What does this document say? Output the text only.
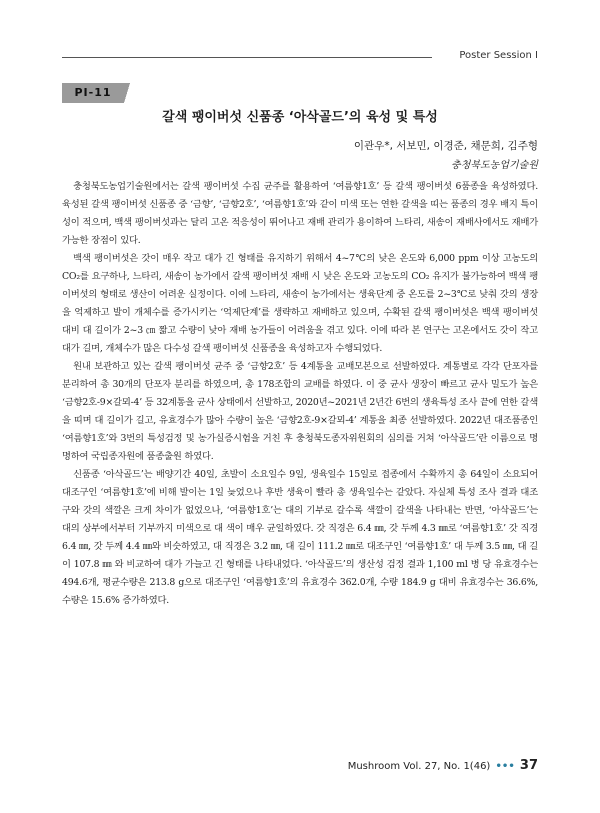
Poster Session Ⅰ
PⅠ-11
갈색 팽이버섯 신품종 ‘아삭골드’의 육성 및 특성
이관우*, 서보민, 이경준, 채문희, 김주형
충청북도농업기술원

충청북도농업기술원에서는 갈색 팽이버섯 수집 균주를 활용하여 ‘여름향1호’ 등 갈색 팽이버섯 6품종을 육성하였다. 육성된 갈색 팽이버섯 신품종 중 ‘금향’, ‘금향2호’, ‘여름향1호’와 같이 미색 또는 연한 갈색을 띠는 품종의 경우 배지 특이성이 적으며, 백색 팽이버섯과는 달리 고온 적응성이 뛰어나고 재배 관리가 용이하여 느타리, 새송이 재배사에서도 재배가 가능한 장점이 있다.

백색 팽이버섯은 갓이 매우 작고 대가 긴 형태를 유지하기 위해서 4~7℃의 낮은 온도와 6,000 ppm 이상 고농도의 CO₂를 요구하나, 느타리, 새송이 농가에서 갈색 팽이버섯 재배 시 낮은 온도와 고농도의 CO₂ 유지가 불가능하여 백색 팽이버섯의 형태로 생산이 어려운 실정이다. 이에 느타리, 새송이 농가에서는 생육단계 중 온도를 2~3℃로 낮춰 갓의 생장을 억제하고 발이 개체수를 증가시키는 ‘억제단계’를 생략하고 재배하고 있으며, 수확된 갈색 팽이버섯은 백색 팽이버섯 대비 대 길이가 2~3 ㎝ 짧고 수량이 낮아 재배 농가들이 어려움을 겪고 있다. 이에 따라 본 연구는 고온에서도 갓이 작고 대가 길며, 개체수가 많은 다수성 갈색 팽이버섯 신품종을 육성하고자 수행되었다.

원내 보관하고 있는 갈색 팽이버섯 균주 중 ‘금향2호’ 등 4계통을 교배모본으로 선발하였다. 계통별로 각각 단포자를 분리하여 총 30개의 단포자 분리를 하였으며, 총 178조합의 교배를 하였다. 이 중 균사 생장이 빠르고 균사 밀도가 높은 ‘금향2호-9×갈뫼-4’ 등 32계통을 균사 상태에서 선발하고, 2020년~2021년 2년간 6번의 생육특성 조사 끝에 연한 갈색을 띠며 대 길이가 길고, 유효경수가 많아 수량이 높은 ‘금향2호-9×갈뫼-4’ 계통을 최종 선발하였다. 2022년 대조품종인 ‘여름향1호’와 3번의 특성검정 및 농가실증시험을 거친 후 충청북도종자위원회의 심의를 거쳐 ‘아삭골드’란 이름으로 명명하여 국립종자원에 품종출원 하였다.

신품종 ‘아삭골드’는 배양기간 40일, 초발이 소요일수 9일, 생육일수 15일로 접종에서 수확까지 총 64일이 소요되어 대조구인 ‘여름향1호’에 비해 발이는 1일 늦었으나 후반 생육이 빨라 총 생육일수는 같았다. 자실체 특성 조사 결과 대조구와 갓의 색깔은 크게 차이가 없었으나, ‘여름향1호’는 대의 기부로 갈수록 색깔이 갈색을 나타내는 반면, ‘아삭골드’는 대의 상부에서부터 기부까지 미색으로 대 색이 매우 균일하였다. 갓 직경은 6.4 ㎜, 갓 두께 4.3 ㎜로 ‘여름향1호’ 갓 직경 6.4 ㎜, 갓 두께 4.4 ㎜와 비슷하였고, 대 직경은 3.2 ㎜, 대 길이 111.2 ㎜로 대조구인 ‘여름향1호’ 대 두께 3.5 ㎜, 대 길이 107.8 ㎜ 와 비교하여 대가 가늘고 긴 형태를 나타내었다. ‘아삭골드’의 생산성 검정 결과 1,100 ml 병 당 유효경수는 494.6개, 평균수량은 213.8 g으로 대조구인 ‘여름향1호’의 유효경수 362.0개, 수량 184.9 g 대비 유효경수는 36.6%, 수량은 15.6% 증가하였다.

Mushroom Vol. 27, No. 1(46) ••• 37
